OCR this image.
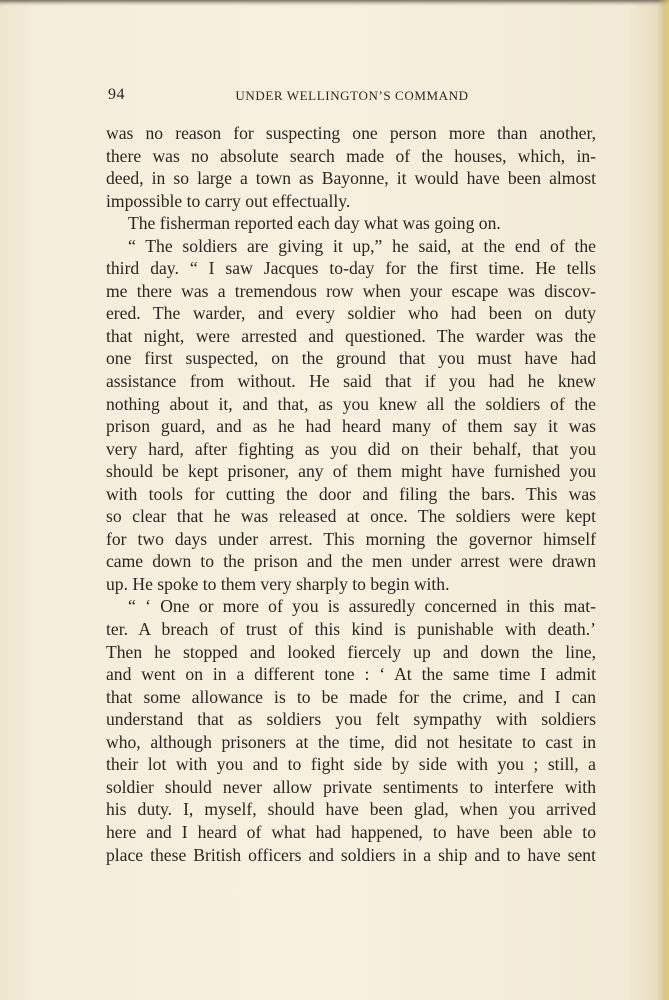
94	UNDER WELLINGTON’S COMMAND
was no reason for suspecting one person more than another,
there was no absolute search made of the houses, which, in-
deed, in so large a town as Bayonne, it would have been almost
impossible to carry out effectually.
The fisherman reported each day what was going on.
“ The soldiers are giving it up,” he said, at the end of the
third day. “ I saw Jacques to-day for the first time. He tells
me there was a tremendous row when your escape was discov-
ered. The warder, and every soldier who had been on duty
that night, were arrested and questioned. The warder was the
one first suspected, on the ground that you must have had
assistance from without. He said that if you had he knew
nothing about it, and that, as you knew all the soldiers of the
prison guard, and as he had heard many of them say it was
very hard, after fighting as you did on their behalf, that you
should be kept prisoner, any of them might have furnished you
with tools for cutting the door and filing the bars. This was
so clear that he was released at once. The soldiers were kept
for two days under arrest. This morning the governor himself
came down to the prison and the men under arrest were drawn
up. He spoke to them very sharply to begin with.
“ ‘ One or more of you is assuredly concerned in this mat-
ter. A breach of trust of this kind is punishable with death.’
Then he stopped and looked fiercely up and down the line,
and went on in a different tone : ‘ At the same time I admit
that some allowance is to be made for the crime, and I can
understand that as soldiers you felt sympathy with soldiers
who, although prisoners at the time, did not hesitate to cast in
their lot with you and to fight side by side with you ; still, a
soldier should never allow private sentiments to interfere with
his duty. I, myself, should have been glad, when you arrived
here and I heard of what had happened, to have been able to
place these British officers and soldiers in a ship and to have sent
